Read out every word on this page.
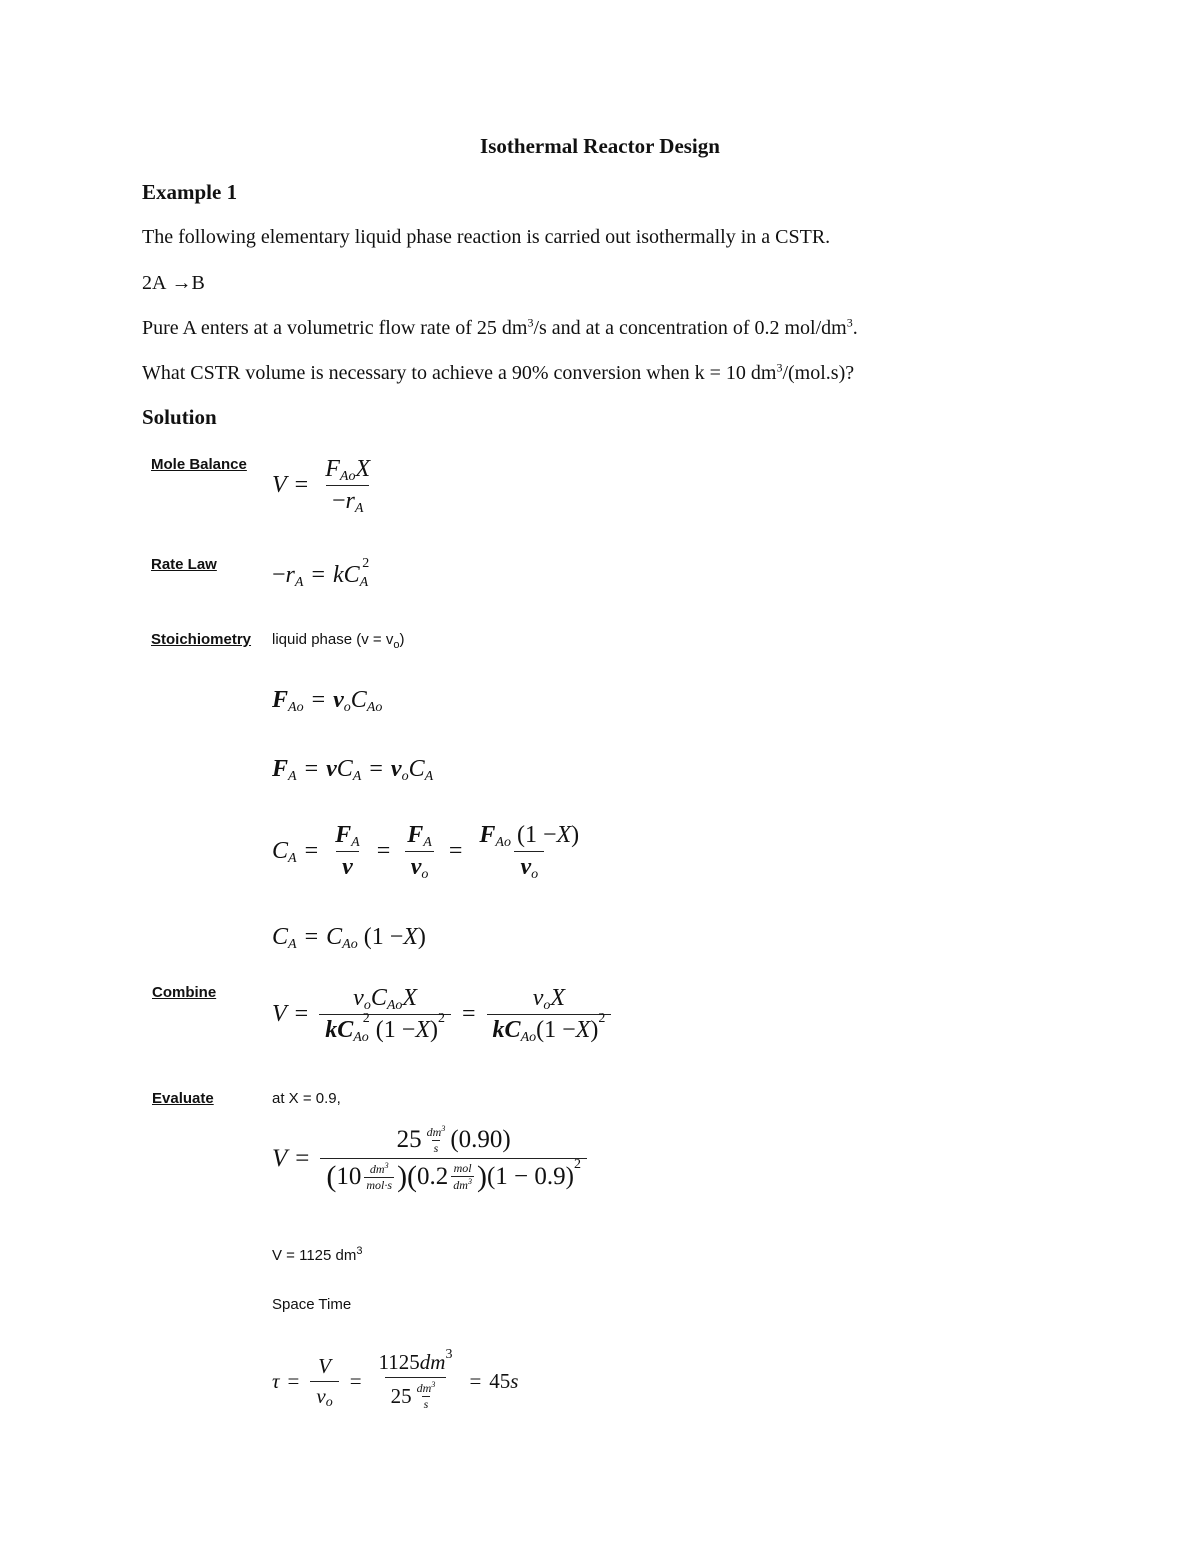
Isothermal Reactor Design
Example 1
The following elementary liquid phase reaction is carried out isothermally in a CSTR.
2A →B
Pure A enters at a volumetric flow rate of 25 $dm^3/s$ and at a concentration of 0.2 mol/$dm^3$.
What CSTR volume is necessary to achieve a 90% conversion when k = 10 $dm^3/(mol.s)$?
Solution
Mole Balance
Rate Law
Stoichiometry liquid phase $(v = v_o)$
Combine
Evaluate	at X = 0.9,
$V = \frac{\text{F Ao X}}{\text{− r A}}$
− r A = kC A
2
F Ao = v o C Ao
F A = v C A = v o C A
C $A = \frac{\text{F A}}{v} = \frac{\text{F A}}{\text{v o}} = \frac{\text{F Ao (1 − X )}}{\text{v o}}$
C A = C Ao (1 − X )
V = v o C Ao X
kC Ao
2 (1 − X ) $2 = \frac{\text{v o X}}{\text{kC Ao (1 − X ) 2}}$
V = 25 $dm^3$
s (0.90)
( 10 $dm^3$
mol·s )( 0.2 mol
$dm^3$ ) (1 − 0.9) 2
V = 1125 $dm^3$
Space Time
$\tau = \frac{V}{\text{v o}} = 1125$ dm 3
25 $dm^3$
s = 45 s
